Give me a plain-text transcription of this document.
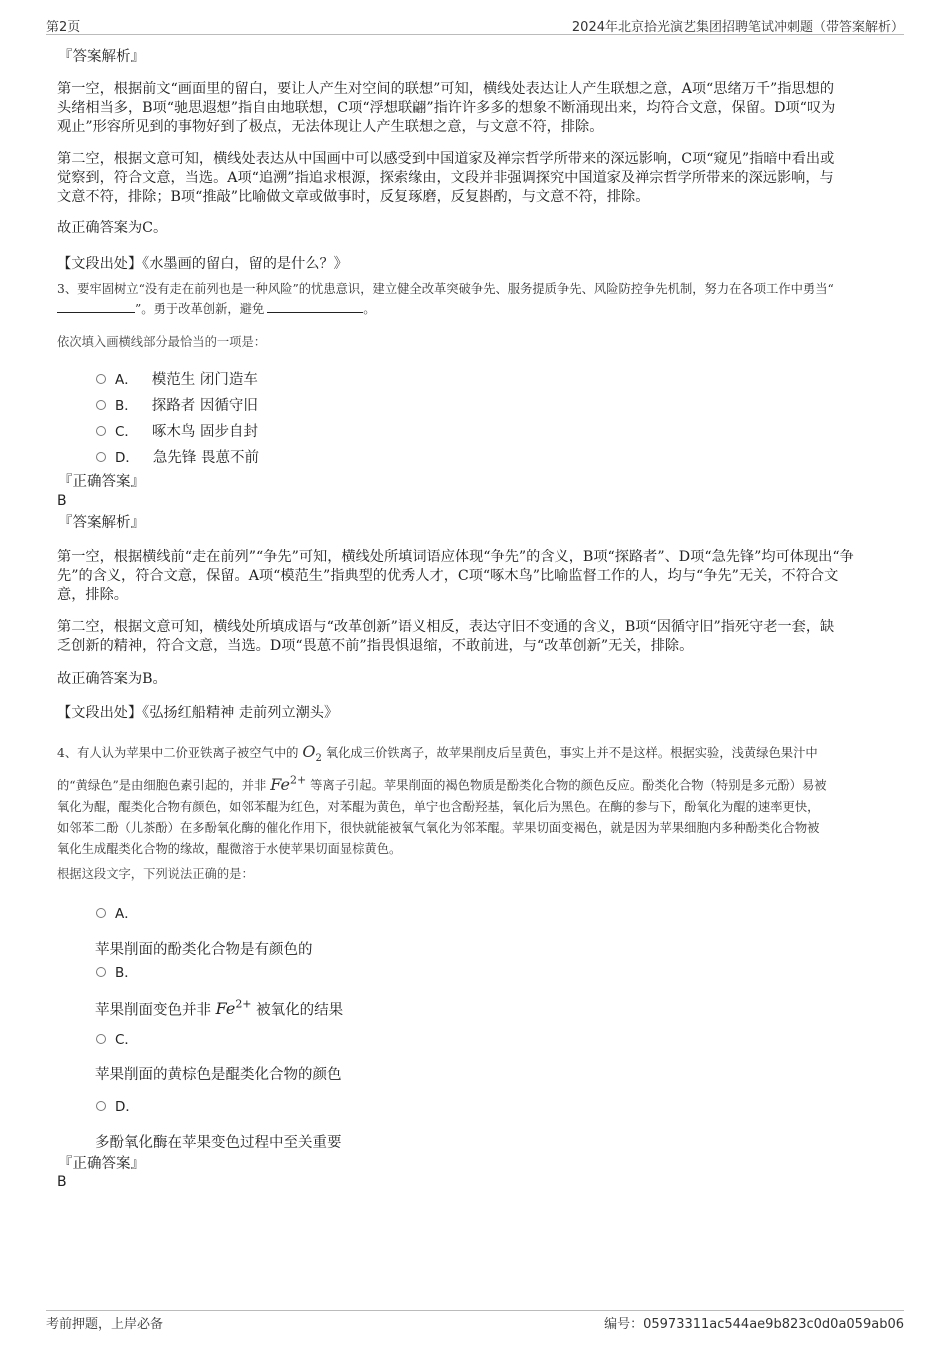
第2页	2024年北京拾光演艺集团招聘笔试冲刺题（带答案解析）
『答案解析』
第一空，根据前文“画面里的留白，要让人产生对空间的联想”可知，横线处表达让人产生联想之意，A项“思绪万千”指思想的
头绪相当多，B项“驰思遐想”指自由地联想，C项“浮想联翩”指许许多多的想象不断涌现出来，均符合文意，保留。D项“叹为
观止”形容所见到的事物好到了极点，无法体现让人产生联想之意，与文意不符，排除。
第二空，根据文意可知，横线处表达从中国画中可以感受到中国道家及禅宗哲学所带来的深远影响，C项“窥见”指暗中看出或
觉察到，符合文意，当选。A项“追溯”指追求根源，探索缘由，文段并非强调探究中国道家及禅宗哲学所带来的深远影响，与
文意不符，排除；B项“推敲”比喻做文章或做事时，反复琢磨，反复斟酌，与文意不符，排除。
故正确答案为C。
【文段出处】《水墨画的留白，留的是什么？》
3、要牢固树立“没有走在前列也是一种风险”的忧患意识，建立健全改革突破争先、服务提质争先、风险防控争先机制，努力在各项工作中勇当“
”。勇于改革创新，避免	。
依次填入画横线部分最恰当的一项是：
A． 模范生 闭门造车
B． 探路者 因循守旧
C． 啄木鸟 固步自封
D． 急先锋 畏葸不前
『正确答案』
B
『答案解析』
第一空，根据横线前“走在前列”“争先”可知，横线处所填词语应体现“争先”的含义，B项“探路者”、D项“急先锋”均可体现出“争
先”的含义，符合文意，保留。A项“模范生”指典型的优秀人才，C项“啄木鸟”比喻监督工作的人，均与“争先”无关，不符合文
意，排除。
第二空，根据文意可知，横线处所填成语与“改革创新”语义相反，表达守旧不变通的含义，B项“因循守旧”指死守老一套，缺
乏创新的精神，符合文意，当选。D项“畏葸不前”指畏惧退缩，不敢前进，与“改革创新”无关，排除。
故正确答案为B。
【文段出处】《弘扬红船精神 走前列立潮头》
4、有人认为苹果中二价亚铁离子被空气中的 $O_2$ 氧化成三价铁离子，故苹果削皮后呈黄色，事实上并不是这样。根据实验，浅黄绿色果汁中
的“黄绿色”是由细胞色素引起的，并非 $Fe^{2+}$ 等离子引起。苹果削面的褐色物质是酚类化合物的颜色反应。酚类化合物（特别是多元酚）易被
氧化为醌，醌类化合物有颜色，如邻苯醌为红色，对苯醌为黄色，单宁也含酚羟基，氧化后为黑色。在酶的参与下，酚氧化为醌的速率更快，
如邻苯二酚（儿茶酚）在多酚氧化酶的催化作用下，很快就能被氧气氧化为邻苯醌。苹果切面变褐色，就是因为苹果细胞内多种酚类化合物被
氧化生成醌类化合物的缘故，醌微溶于水使苹果切面显棕黄色。
根据这段文字，下列说法正确的是：
A．
苹果削面的酚类化合物是有颜色的
B．
苹果削面变色并非 $Fe^{2+}$ 被氧化的结果
C．
苹果削面的黄棕色是醌类化合物的颜色
D．
多酚氧化酶在苹果变色过程中至关重要
『正确答案』
B
考前押题，上岸必备	编号：05973311ac544ae9b823c0d0a059ab06
